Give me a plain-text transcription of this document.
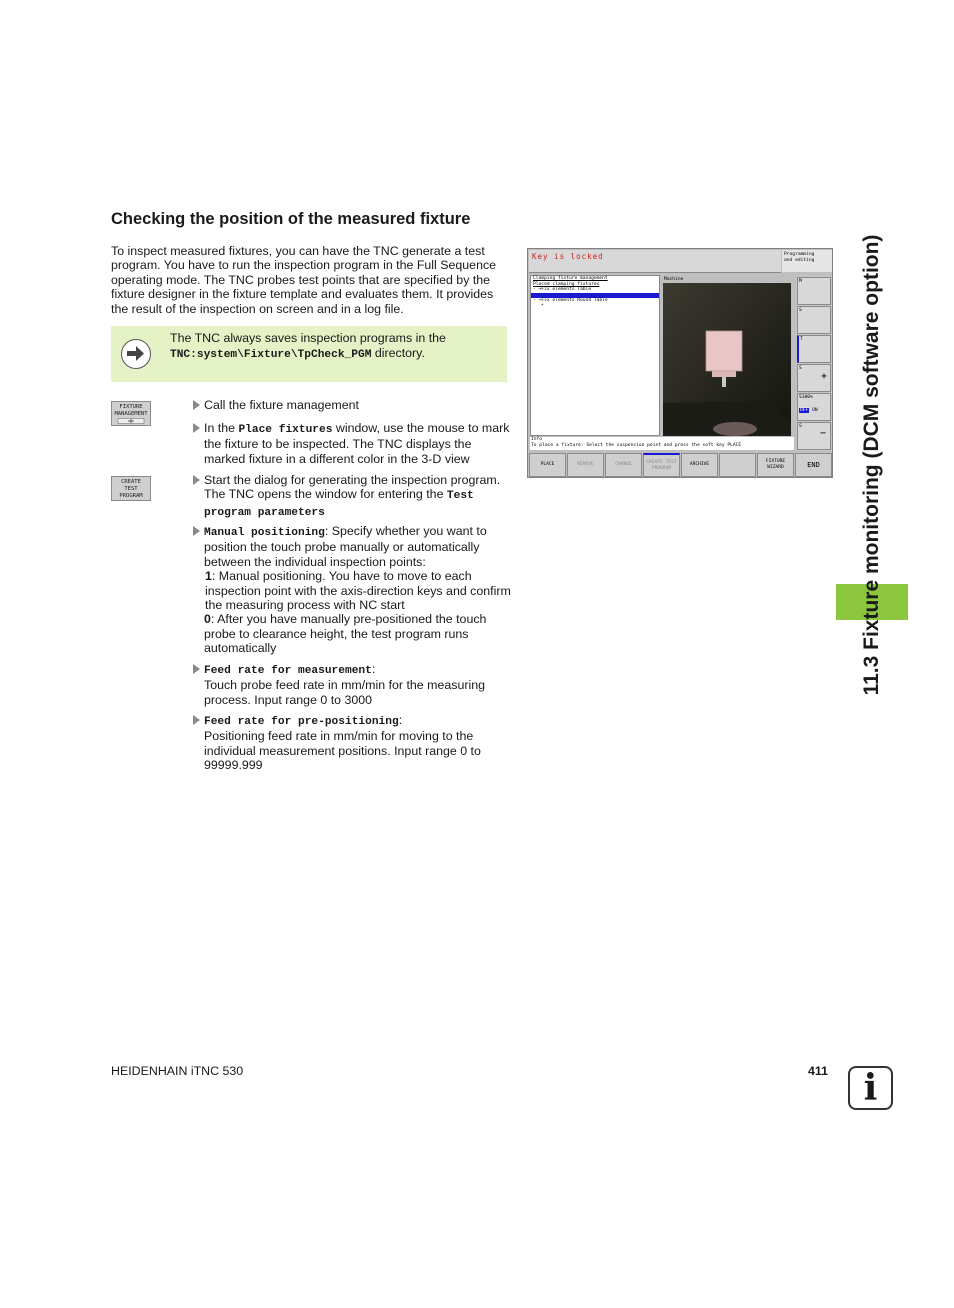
Checking the position of the measured fixture

To inspect measured fixtures, you can have the TNC generate a test program. You have to run the inspection program in the Full Sequence operating mode. The TNC probes test points that are specified by the fixture designer in the fixture template and evaluates them. It provides the result of the inspection on screen and in a log file.

The TNC always saves inspection programs in the TNC:system\Fixture\TpCheck_PGM directory.
FIXTURE
MANAGEMENT
CREATE
TEST
PROGRAM
Call the fixture management
In the Place fixtures window, use the mouse to mark the fixture to be inspected. The TNC displays the marked fixture in a different color in the 3-D view
Start the dialog for generating the inspection program. The TNC opens the window for entering the Test program parameters
Manual positioning: Specify whether you want to position the touch probe manually or automatically between the individual inspection points:
1: Manual positioning. You have to move to each inspection point with the axis-direction keys and confirm the measuring process with NC start
0: After you have manually pre-positioned the touch probe to clearance height, the test program runs automatically
Feed rate for measurement:
Touch probe feed rate in mm/min for the measuring process. Input range 0 to 3000
Feed rate for pre-positioning:
Positioning feed rate in mm/min for moving to the individual measurement positions. Input range 0 to 99999.999
Key is locked	Programming
and editing
Clamping fixture management
Placed clamping fixtures
- →Fix elements Table

- →Fix elements Round Table
*
Machine	M
S
T
S
+
S100%
OFF ON
S
−
Info
To place a fixture: Select the suspension point and press the soft key PLACE
PLACE	REMOVE	CHANGE	CREATE TEST PROGRAM
ARCHIVE
FIXTURE WIZARD	END	11.3 Fixture monitoring (DCM software option)
HEIDENHAIN iTNC 530	411 i
